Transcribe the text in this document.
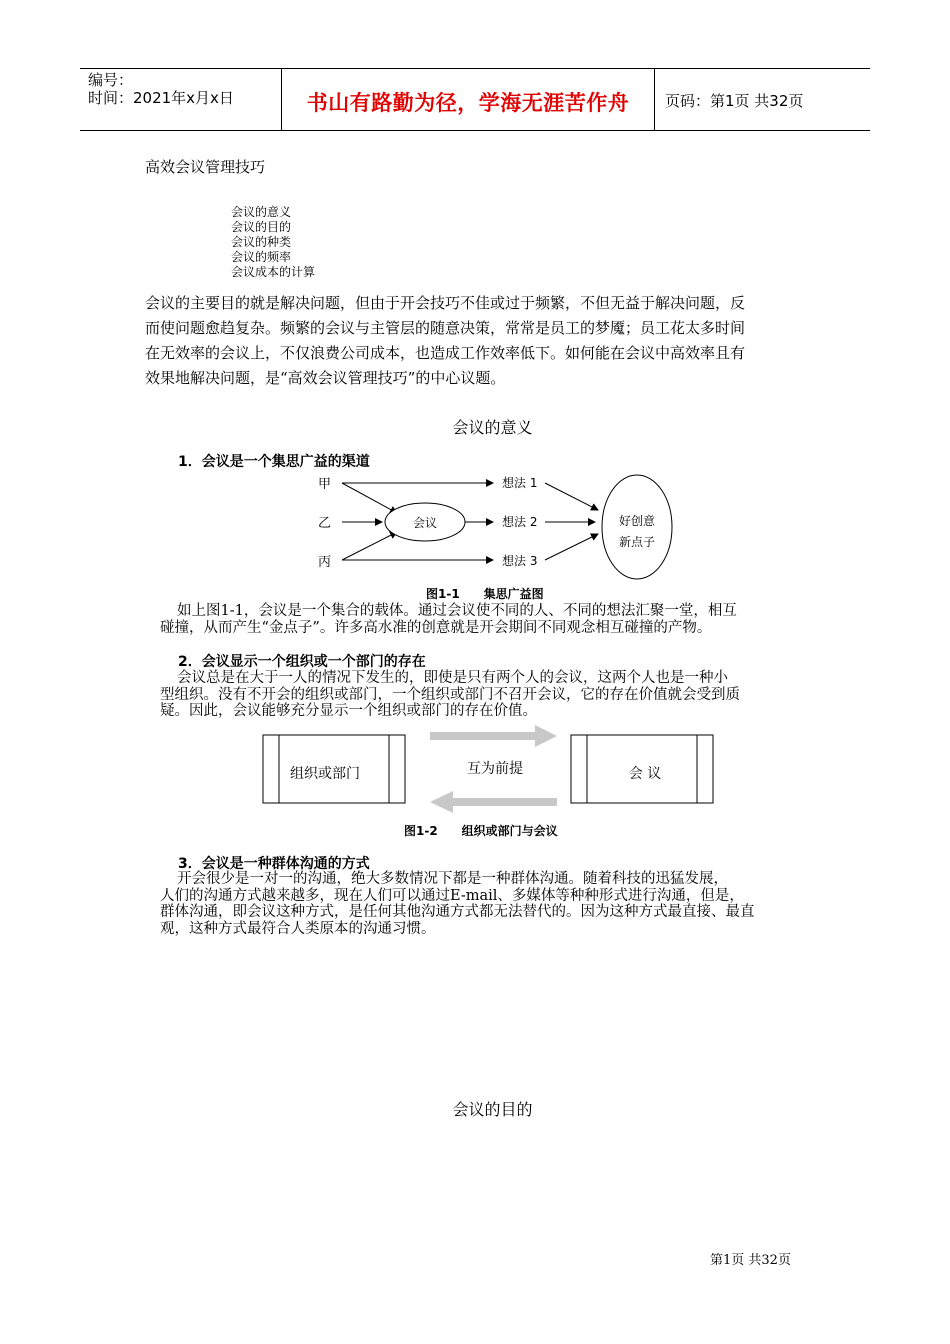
编号：
时间：2021年x月x日	书山有路勤为径，学海无涯苦作舟	页码：第1页 共32页
高效会议管理技巧
会议的意义
会议的目的
会议的种类
会议的频率
会议成本的计算
会议的主要目的就是解决问题，但由于开会技巧不佳或过于频繁，不但无益于解决问题，反
而使问题愈趋复杂。频繁的会议与主管层的随意决策，常常是员工的梦魇；员工花太多时间
在无效率的会议上，不仅浪费公司成本，也造成工作效率低下。如何能在会议中高效率且有
效果地解决问题，是“高效会议管理技巧”的中心议题。
会议的意义
1．会议是一个集思广益的渠道
甲
乙
丙
会议
想法 1
想法 2
想法 3
好创意
新点子
图1-1　　集思广益图
如上图1-1，会议是一个集合的载体。通过会议使不同的人、不同的想法汇聚一堂，相互
碰撞，从而产生“金点子”。许多高水准的创意就是开会期间不同观念相互碰撞的产物。
2．会议显示一个组织或一个部门的存在
会议总是在大于一人的情况下发生的，即使是只有两个人的会议，这两个人也是一种小
型组织。没有不开会的组织或部门，一个组织或部门不召开会议，它的存在价值就会受到质
疑。因此，会议能够充分显示一个组织或部门的存在价值。
组织或部门	会 议
互为前提
图1-2　　组织或部门与会议
3．会议是一种群体沟通的方式
开会很少是一对一的沟通，绝大多数情况下都是一种群体沟通。随着科技的迅猛发展，
人们的沟通方式越来越多，现在人们可以通过E-mail、多媒体等种种形式进行沟通，但是，
群体沟通，即会议这种方式，是任何其他沟通方式都无法替代的。因为这种方式最直接、最直
观，这种方式最符合人类原本的沟通习惯。
会议的目的
第1页 共32页
